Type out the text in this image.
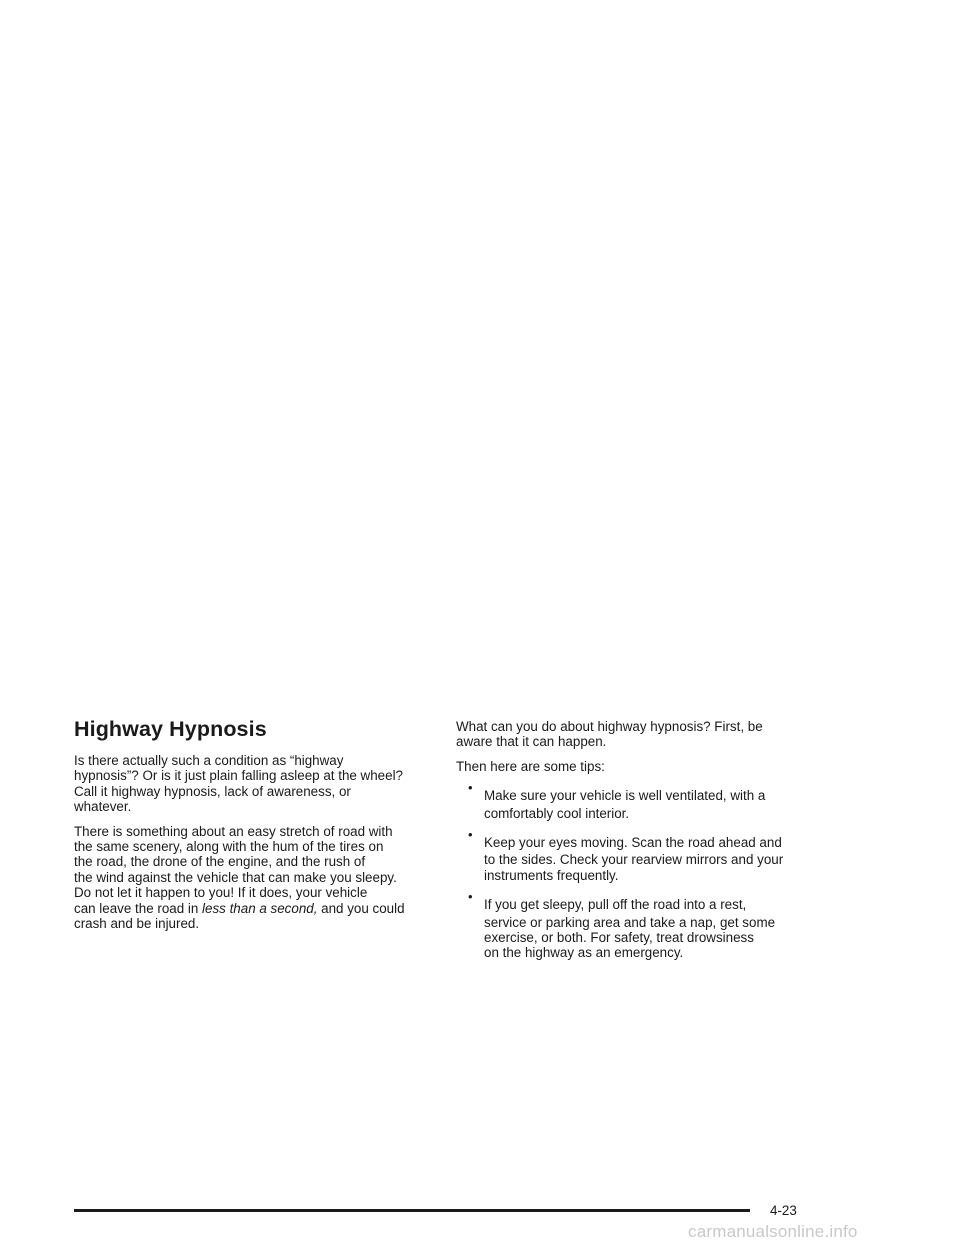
Highway Hypnosis

Is there actually such a condition as “highway
hypnosis”? Or is it just plain falling asleep at the wheel?
Call it highway hypnosis, lack of awareness, or
whatever.

There is something about an easy stretch of road with
the same scenery, along with the hum of the tires on
the road, the drone of the engine, and the rush of
the wind against the vehicle that can make you sleepy.
Do not let it happen to you! If it does, your vehicle
can leave the road in less than a second, and you could
crash and be injured.

What can you do about highway hypnosis? First, be
aware that it can happen.

Then here are some tips:

•
Make sure your vehicle is well ventilated, with a
comfortably cool interior.
•
Keep your eyes moving. Scan the road ahead and
to the sides. Check your rearview mirrors and your
instruments frequently.
•
If you get sleepy, pull off the road into a rest,
service or parking area and take a nap, get some
exercise, or both. For safety, treat drowsiness
on the highway as an emergency.
4-23
carmanualsonline.info
